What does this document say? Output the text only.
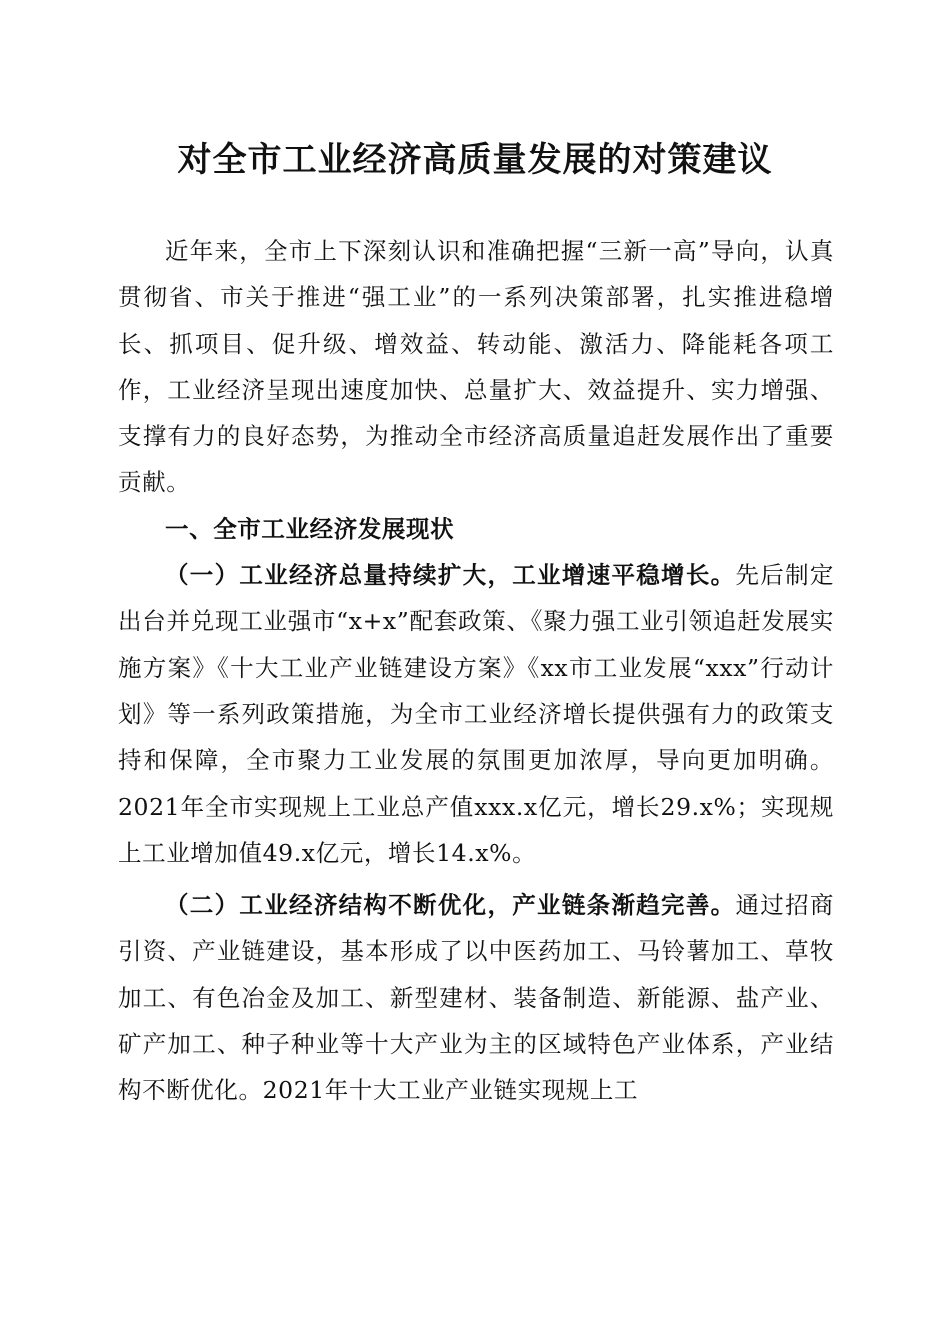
对全市工业经济高质量发展的对策建议

近年来，全市上下深刻认识和准确把握“三新一高”导向，认真贯彻省、市关于推进“强工业”的一系列决策部署，扎实推进稳增长、抓项目、促升级、增效益、转动能、激活力、降能耗各项工作，工业经济呈现出速度加快、总量扩大、效益提升、实力增强、支撑有力的良好态势，为推动全市经济高质量追赶发展作出了重要贡献。

一、全市工业经济发展现状

（一）工业经济总量持续扩大，工业增速平稳增长。先后制定出台并兑现工业强市“x+x”配套政策、《聚力强工业引领追赶发展实施方案》《十大工业产业链建设方案》《xx市工业发展“xxx”行动计划》等一系列政策措施，为全市工业经济增长提供强有力的政策支持和保障，全市聚力工业发展的氛围更加浓厚，导向更加明确。2021年全市实现规上工业总产值xxx.x亿元，增长29.x%；实现规上工业增加值49.x亿元，增长14.x%。

（二）工业经济结构不断优化，产业链条渐趋完善。通过招商引资、产业链建设，基本形成了以中医药加工、马铃薯加工、草牧加工、有色冶金及加工、新型建材、装备制造、新能源、盐产业、矿产加工、种子种业等十大产业为主的区域特色产业体系，产业结构不断优化。2021年十大工业产业链实现规上工
